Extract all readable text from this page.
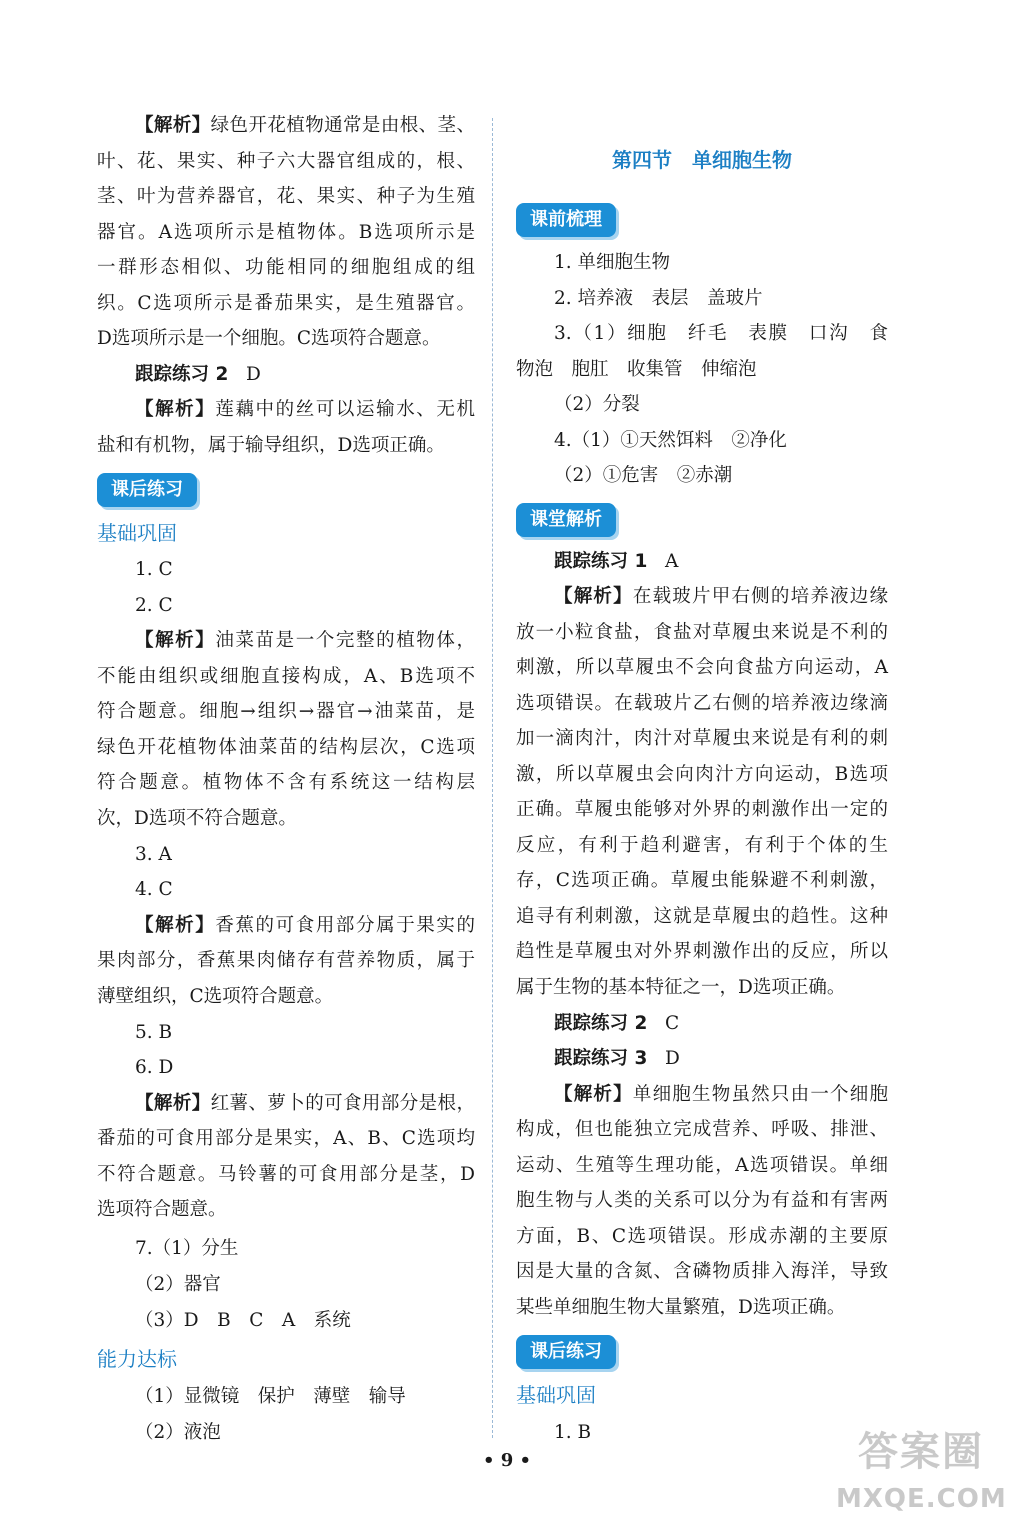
【解析】绿色开花植物通常是由根、茎、
叶、花、果实、种子六大器官组成的，根、
茎、叶为营养器官，花、果实、种子为生殖
器官。A选项所示是植物体。B选项所示是
一群形态相似、功能相同的细胞组成的组
织。C选项所示是番茄果实，是生殖器官。
D选项所示是一个细胞。C选项符合题意。
跟踪练习 2 D
【解析】莲藕中的丝可以运输水、无机
盐和有机物，属于输导组织，D选项正确。
课后练习
基础巩固
1. C
2. C
【解析】油菜苗是一个完整的植物体，
不能由组织或细胞直接构成，A、B选项不
符合题意。细胞→组织→器官→油菜苗，是
绿色开花植物体油菜苗的结构层次，C选项
符合题意。植物体不含有系统这一结构层
次，D选项不符合题意。
3. A
4. C
【解析】香蕉的可食用部分属于果实的
果肉部分，香蕉果肉储存有营养物质，属于
薄壁组织，C选项符合题意。
5. B
6. D
【解析】红薯、萝卜的可食用部分是根，
番茄的可食用部分是果实，A、B、C选项均
不符合题意。马铃薯的可食用部分是茎，D
选项符合题意。
7.（1）分生
（2）器官
（3）D　B　C　A　系统
能力达标
（1）显微镜　保护　薄壁　输导
（2）液泡
第四节　单细胞生物
课前梳理
1. 单细胞生物
2. 培养液　表层　盖玻片
3.（1）细胞　纤毛　表膜　口沟　食
物泡　胞肛　收集管　伸缩泡
（2）分裂
4.（1）①天然饵料　②净化
（2）①危害　②赤潮
课堂解析
跟踪练习 1 A
【解析】在载玻片甲右侧的培养液边缘
放一小粒食盐，食盐对草履虫来说是不利的
刺激，所以草履虫不会向食盐方向运动，A
选项错误。在载玻片乙右侧的培养液边缘滴
加一滴肉汁，肉汁对草履虫来说是有利的刺
激，所以草履虫会向肉汁方向运动，B选项
正确。草履虫能够对外界的刺激作出一定的
反应，有利于趋利避害，有利于个体的生
存，C选项正确。草履虫能躲避不利刺激，
追寻有利刺激，这就是草履虫的趋性。这种
趋性是草履虫对外界刺激作出的反应，所以
属于生物的基本特征之一，D选项正确。
跟踪练习 2 C
跟踪练习 3 D
【解析】单细胞生物虽然只由一个细胞
构成，但也能独立完成营养、呼吸、排泄、
运动、生殖等生理功能，A选项错误。单细
胞生物与人类的关系可以分为有益和有害两
方面，B、C选项错误。形成赤潮的主要原
因是大量的含氮、含磷物质排入海洋，导致
某些单细胞生物大量繁殖，D选项正确。
课后练习
基础巩固
1. B
• 9 •	答案圈
MXQE.COM
